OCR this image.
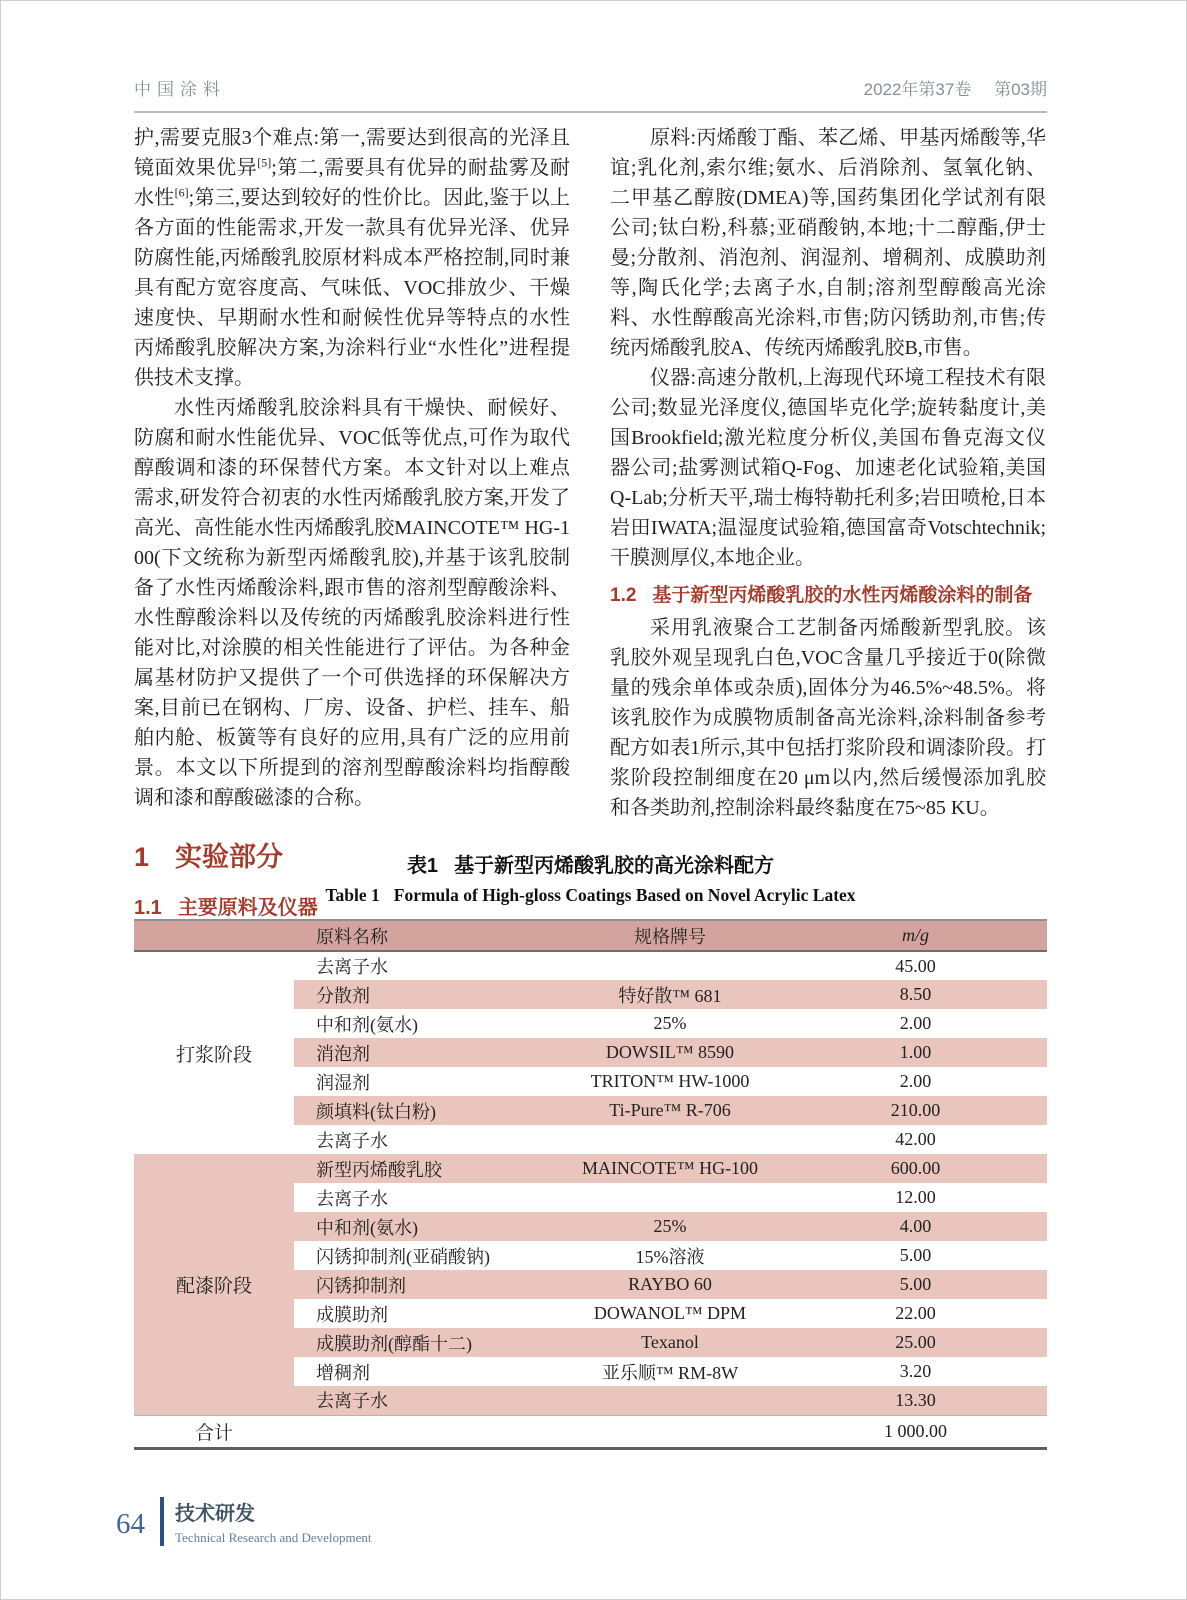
中国涂料	2022年第37卷 第03期

护,需要克服3个难点:第一,需要达到很高的光泽且镜面效果优异[5];第二,需要具有优异的耐盐雾及耐水性[6];第三,要达到较好的性价比。因此,鉴于以上各方面的性能需求,开发一款具有优异光泽、优异防腐性能,丙烯酸乳胶原材料成本严格控制,同时兼具有配方宽容度高、气味低、VOC排放少、干燥速度快、早期耐水性和耐候性优异等特点的水性丙烯酸乳胶解决方案,为涂料行业“水性化”进程提供技术支撑。

水性丙烯酸乳胶涂料具有干燥快、耐候好、防腐和耐水性能优异、VOC低等优点,可作为取代醇酸调和漆的环保替代方案。本文针对以上难点需求,研发符合初衷的水性丙烯酸乳胶方案,开发了高光、高性能水性丙烯酸乳胶MAINCOTE™ HG-100(下文统称为新型丙烯酸乳胶),并基于该乳胶制备了水性丙烯酸涂料,跟市售的溶剂型醇酸涂料、水性醇酸涂料以及传统的丙烯酸乳胶涂料进行性能对比,对涂膜的相关性能进行了评估。为各种金属基材防护又提供了一个可供选择的环保解决方案,目前已在钢构、厂房、设备、护栏、挂车、船舶内舱、板簧等有良好的应用,具有广泛的应用前景。本文以下所提到的溶剂型醇酸涂料均指醇酸调和漆和醇酸磁漆的合称。

1 实验部分
1.1 主要原料及仪器

原料:丙烯酸丁酯、苯乙烯、甲基丙烯酸等,华谊;乳化剂,索尔维;氨水、后消除剂、氢氧化钠、二甲基乙醇胺(DMEA)等,国药集团化学试剂有限公司;钛白粉,科慕;亚硝酸钠,本地;十二醇酯,伊士曼;分散剂、消泡剂、润湿剂、增稠剂、成膜助剂等,陶氏化学;去离子水,自制;溶剂型醇酸高光涂料、水性醇酸高光涂料,市售;防闪锈助剂,市售;传统丙烯酸乳胶A、传统丙烯酸乳胶B,市售。

仪器:高速分散机,上海现代环境工程技术有限公司;数显光泽度仪,德国毕克化学;旋转黏度计,美国Brookfield;激光粒度分析仪,美国布鲁克海文仪器公司;盐雾测试箱Q-Fog、加速老化试验箱,美国Q-Lab;分析天平,瑞士梅特勒托利多;岩田喷枪,日本岩田IWATA;温湿度试验箱,德国富奇Votschtechnik;干膜测厚仪,本地企业。

1.2 基于新型丙烯酸乳胶的水性丙烯酸涂料的制备

采用乳液聚合工艺制备丙烯酸新型乳胶。该乳胶外观呈现乳白色,VOC含量几乎接近于0(除微量的残余单体或杂质),固体分为46.5%~48.5%。将该乳胶作为成膜物质制备高光涂料,涂料制备参考配方如表1所示,其中包括打浆阶段和调漆阶段。打浆阶段控制细度在20 μm以内,然后缓慢添加乳胶和各类助剂,控制涂料最终黏度在75~85 KU。

表1 基于新型丙烯酸乳胶的高光涂料配方
Table 1 Formula of High-gloss Coatings Based on Novel Acrylic Latex
	原料名称	规格牌号	m/g
打浆阶段	去离子水		45.00
	分散剂	特好散™ 681	8.50
	中和剂(氨水)	25%	2.00
	消泡剂	DOWSIL™ 8590	1.00
	润湿剂	TRITON™ HW-1000	2.00
	颜填料(钛白粉)	Ti-Pure™ R-706	210.00
	去离子水		42.00
配漆阶段	新型丙烯酸乳胶	MAINCOTE™ HG-100	600.00
	去离子水		12.00
	中和剂(氨水)	25%	4.00
	闪锈抑制剂(亚硝酸钠)	15%溶液	5.00
	闪锈抑制剂	RAYBO 60	5.00
	成膜助剂	DOWANOL™ DPM	22.00
	成膜助剂(醇酯十二)	Texanol	25.00
	增稠剂	亚乐顺™ RM-8W	3.20
	去离子水		13.30
合计			1 000.00
64 技术研发
Technical Research and Development
